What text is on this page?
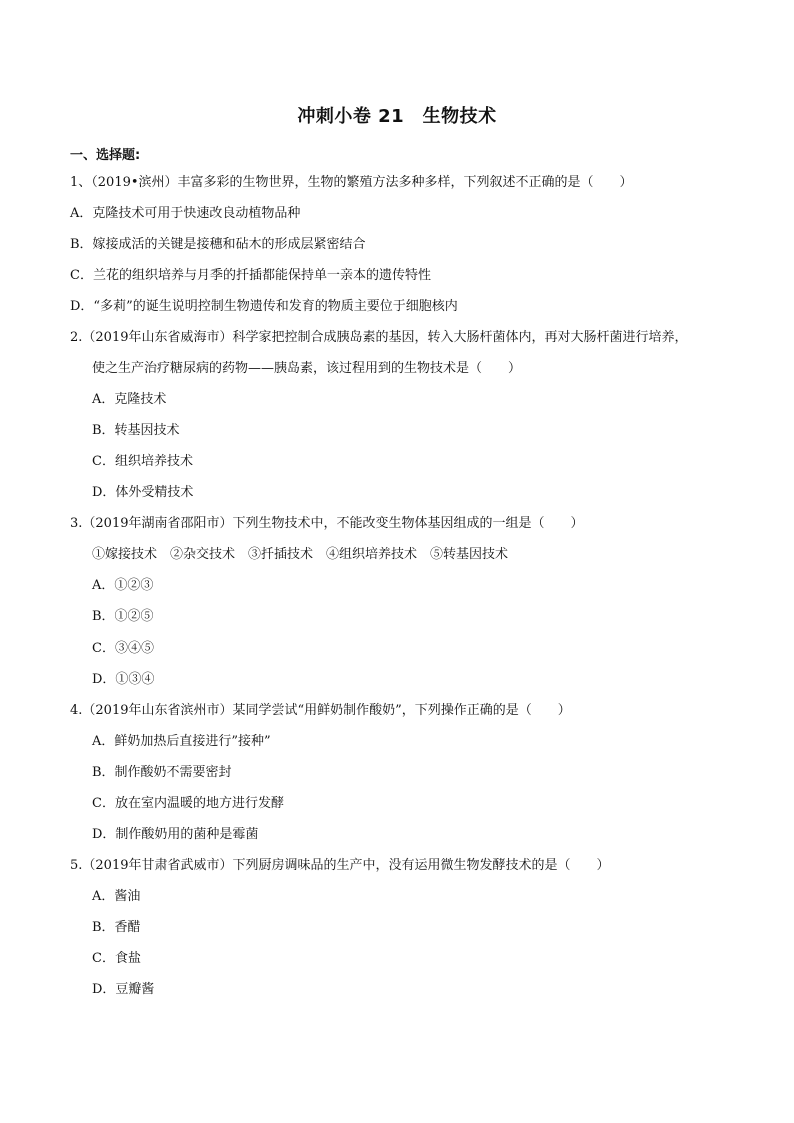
冲刺小卷 21　生物技术
一、选择题:
1、（2019•滨州）丰富多彩的生物世界，生物的繁殖方法多种多样，下列叙述不正确的是（　　）
A．克隆技术可用于快速改良动植物品种
B．嫁接成活的关键是接穗和砧木的形成层紧密结合
C．兰花的组织培养与月季的扦插都能保持单一亲本的遗传特性
D．“多莉”的诞生说明控制生物遗传和发育的物质主要位于细胞核内
2.（2019年山东省威海市）科学家把控制合成胰岛素的基因，转入大肠杆菌体内，再对大肠杆菌进行培养，
使之生产治疗糖尿病的药物——胰岛素，该过程用到的生物技术是（　　）
A．克隆技术
B．转基因技术
C．组织培养技术
D．体外受精技术
3.（2019年湖南省邵阳市）下列生物技术中，不能改变生物体基因组成的一组是（　　）
①嫁接技术　②杂交技术　③扦插技术　④组织培养技术　⑤转基因技术
A．①②③
B．①②⑤
C．③④⑤
D．①③④
4.（2019年山东省滨州市）某同学尝试“用鲜奶制作酸奶”，下列操作正确的是（　　）
A．鲜奶加热后直接进行”接种”
B．制作酸奶不需要密封
C．放在室内温暖的地方进行发酵
D．制作酸奶用的菌种是霉菌
5.（2019年甘肃省武威市）下列厨房调味品的生产中，没有运用微生物发酵技术的是（　　）
A．酱油
B．香醋
C．食盐
D．豆瓣酱
